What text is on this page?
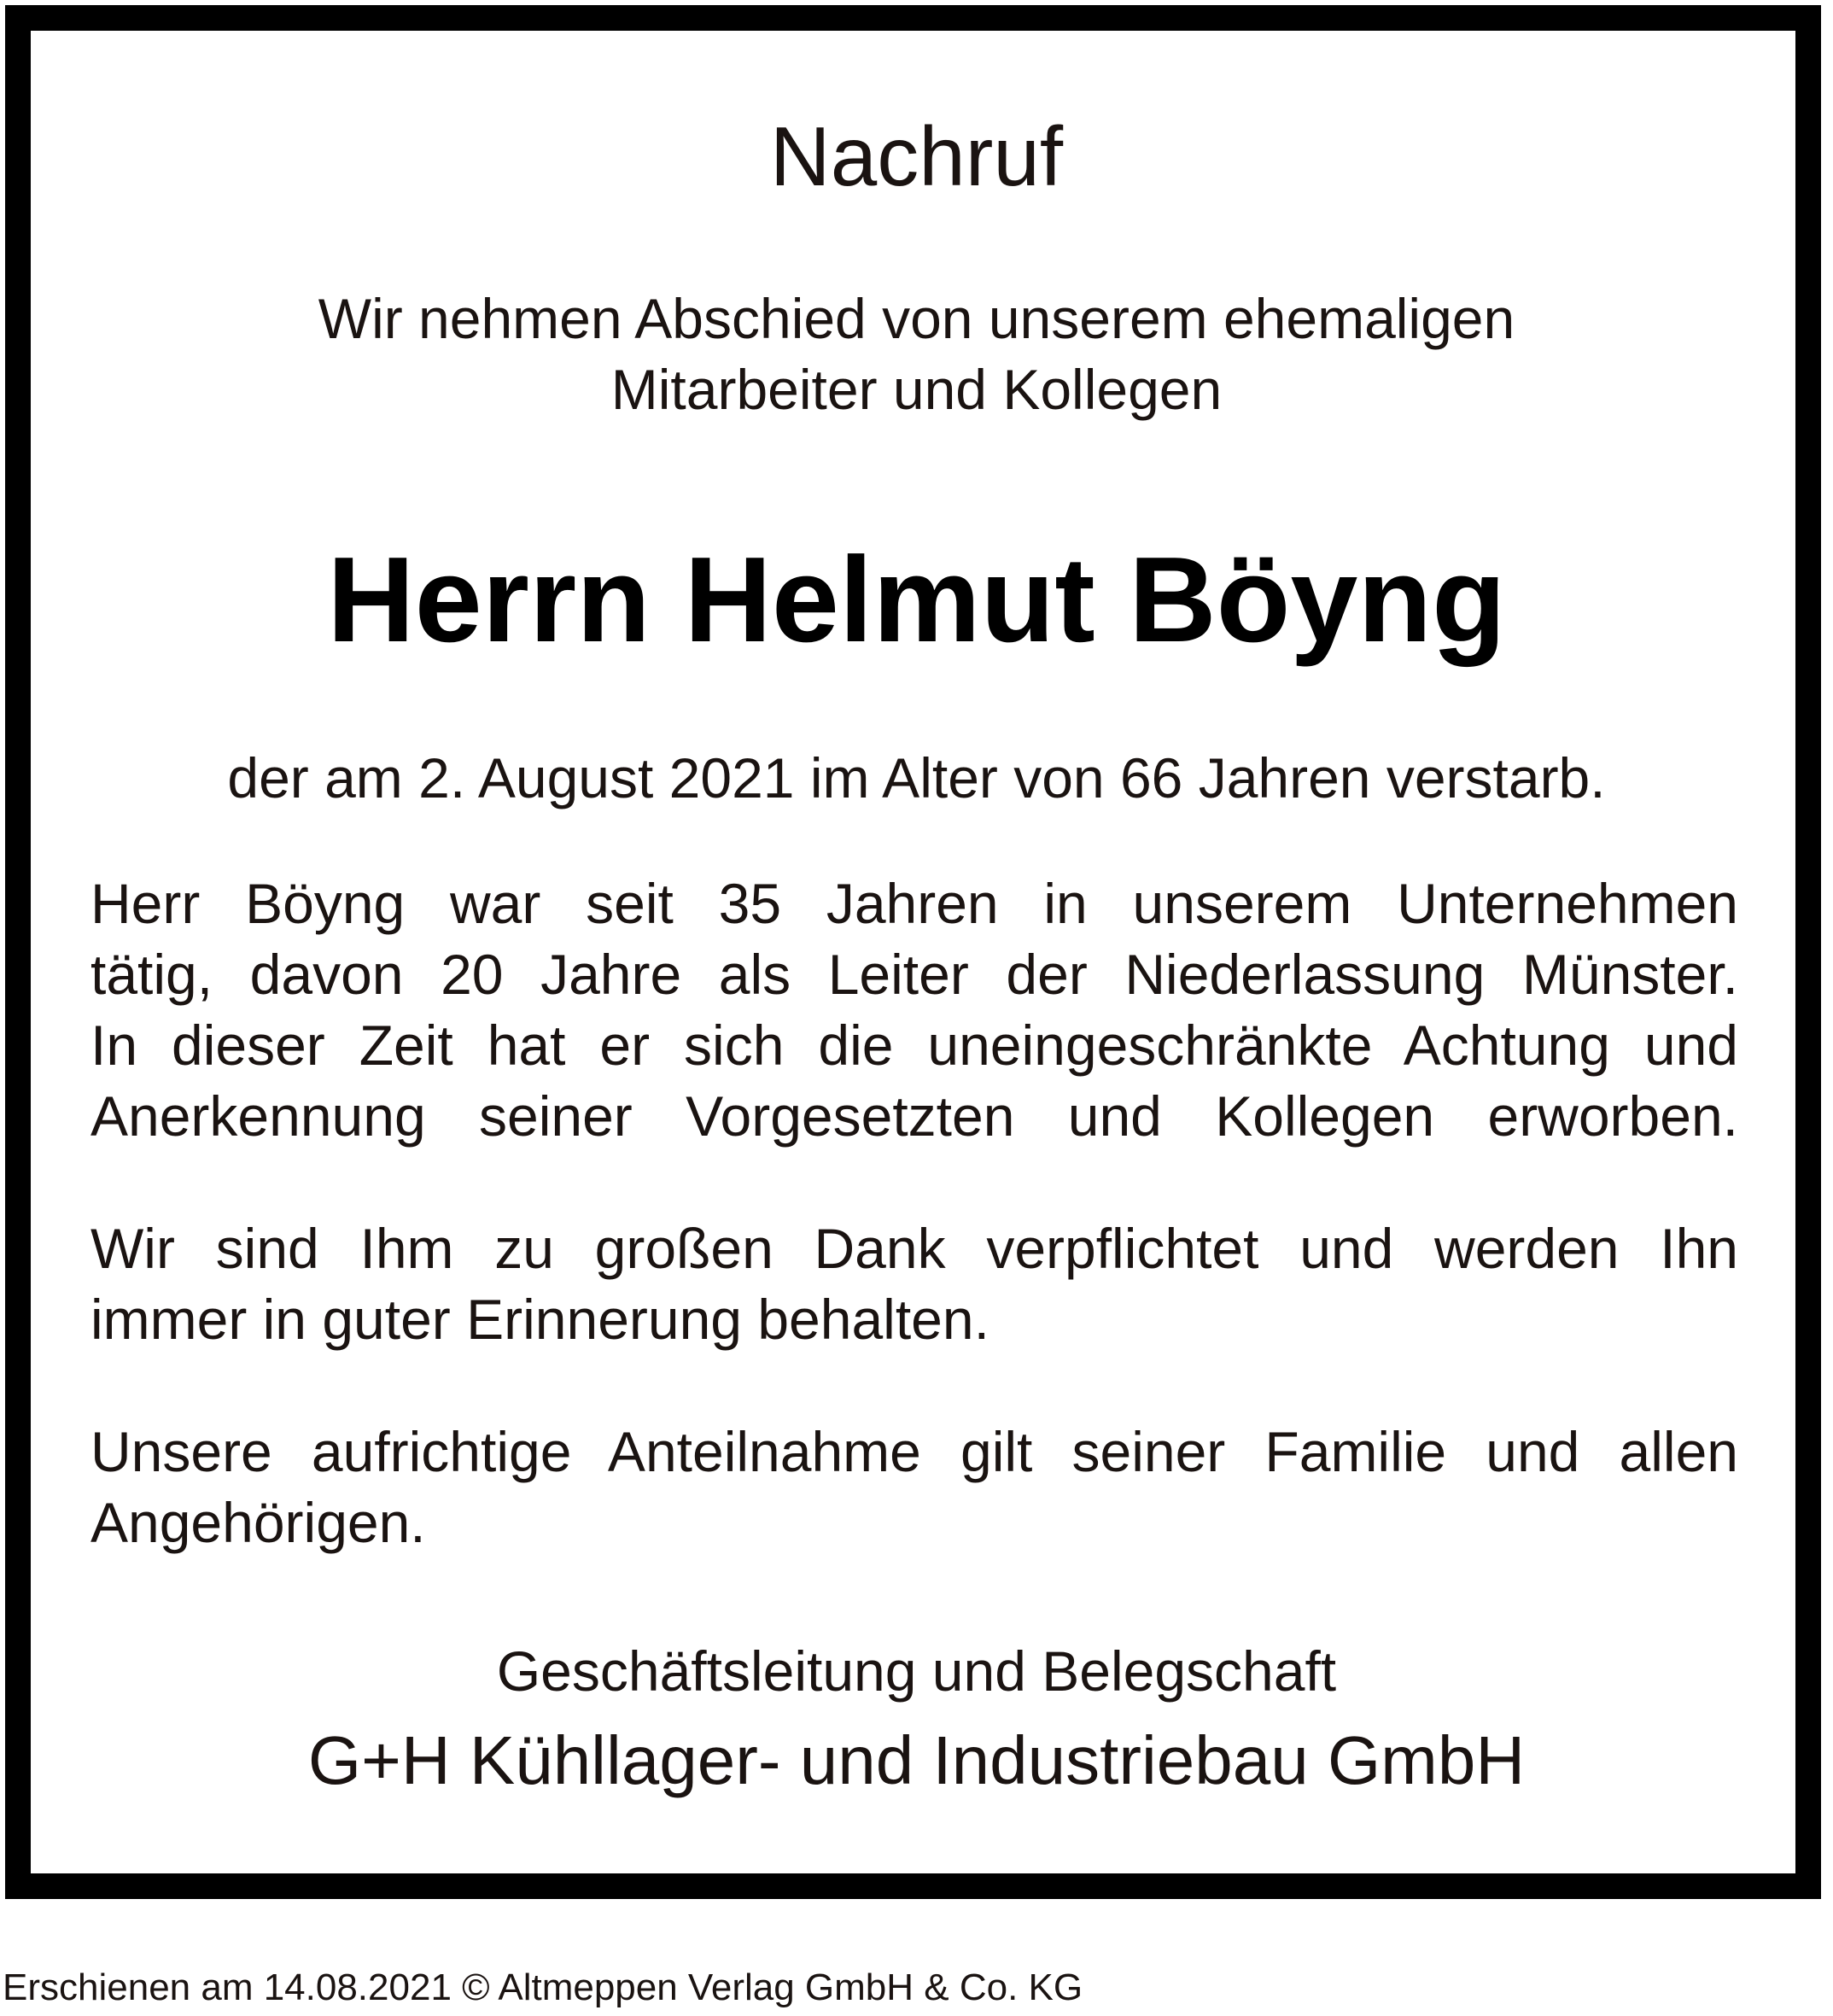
Nachruf
Wir nehmen Abschied von unserem ehemaligen
Mitarbeiter und Kollegen
Herrn Helmut Böyng
der am 2. August 2021 im Alter von 66 Jahren verstarb.
Herr Böyng war seit 35 Jahren in unserem Unternehmen
tätig, davon 20 Jahre als Leiter der Niederlassung Münster.
In dieser Zeit hat er sich die uneingeschränkte Achtung und
Anerkennung seiner Vorgesetzten und Kollegen erworben.
Wir sind Ihm zu großen Dank verpflichtet und werden Ihn
immer in guter Erinnerung behalten.
Unsere aufrichtige Anteilnahme gilt seiner Familie und allen
Angehörigen.
Geschäftsleitung und Belegschaft
G+H Kühllager- und Industriebau GmbH
Erschienen am 14.08.2021 © Altmeppen Verlag GmbH & Co. KG
